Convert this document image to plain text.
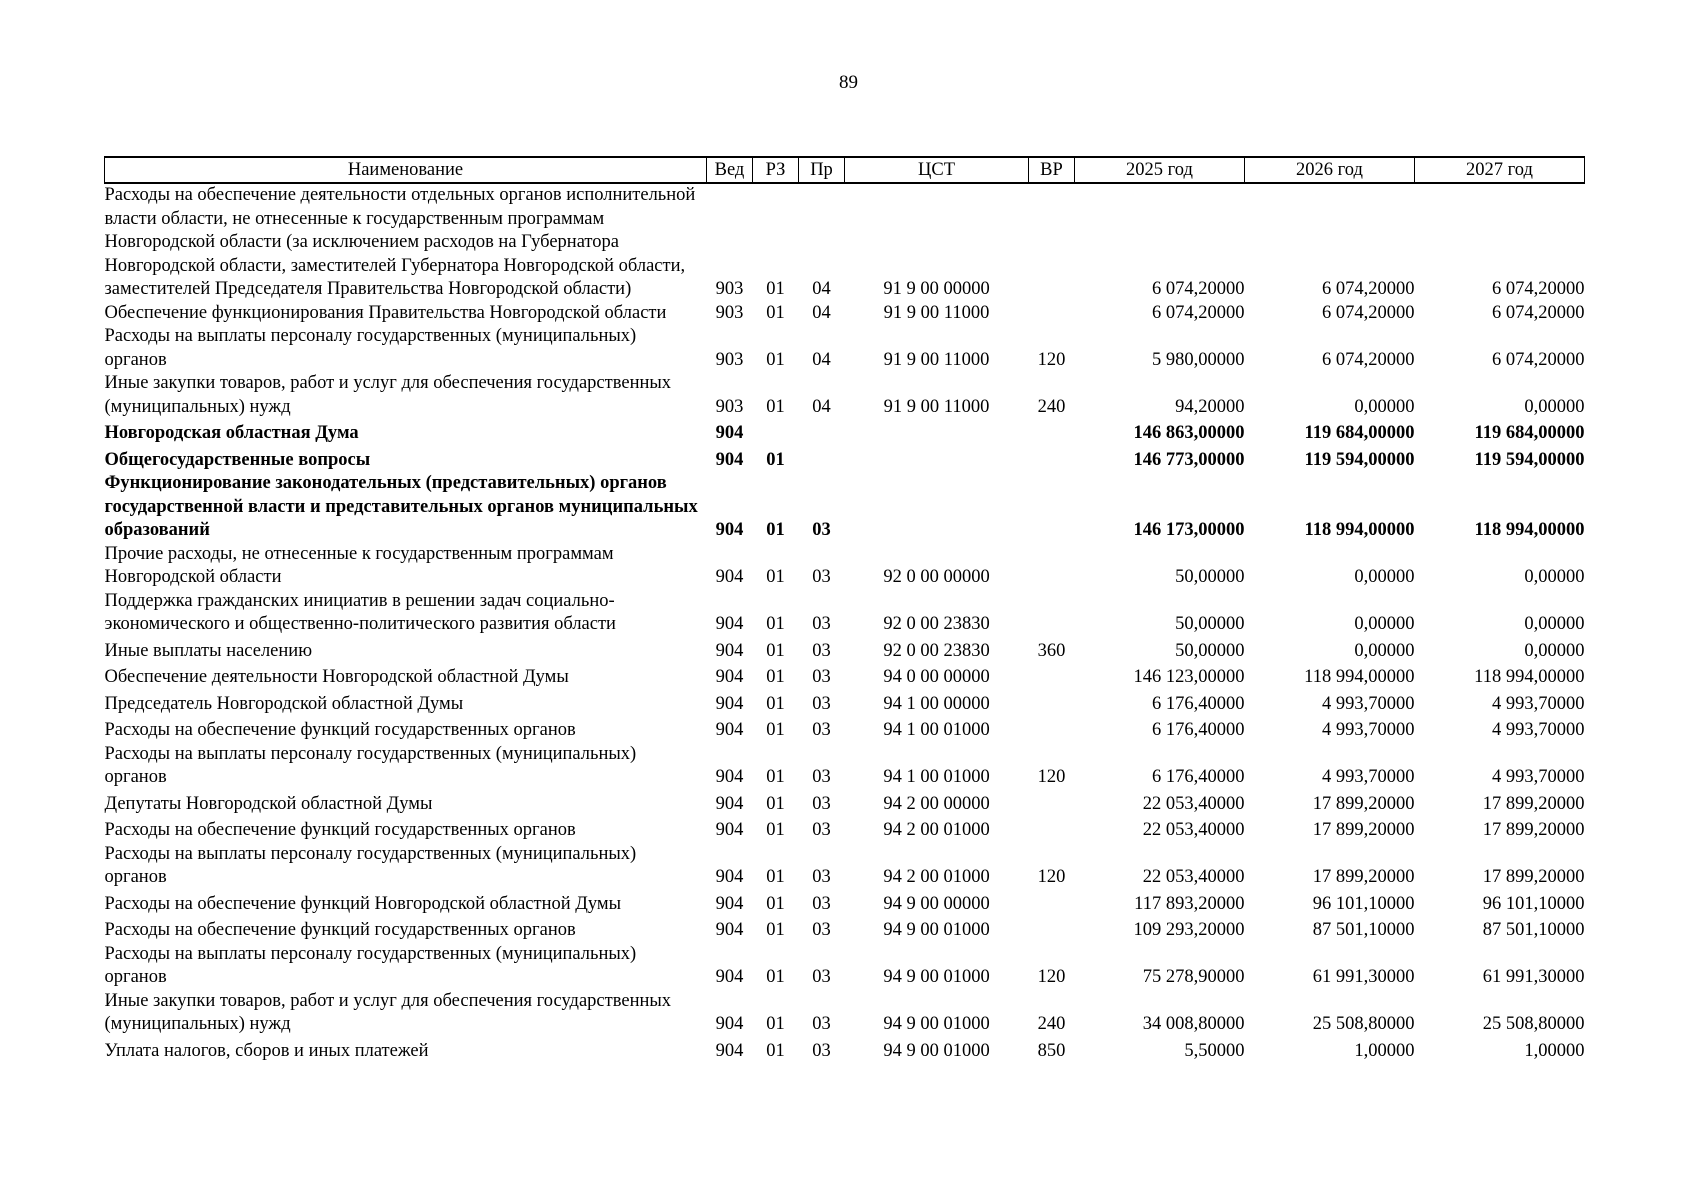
89
Наименование	Вед	РЗ	Пр	ЦСТ	ВР	2025 год	2026 год	2027 год
Расходы на обеспечение деятельности отдельных органов исполнительной власти области, не отнесенные к государственным программам Новгородской области (за исключением расходов на Губернатора Новгородской области, заместителей Губернатора Новгородской области, заместителей Председателя Правительства Новгородской области)	903	01	04	91 9 00 00000		6 074,20000	6 074,20000	6 074,20000
Обеспечение функционирования Правительства Новгородской области	903	01	04	91 9 00 11000		6 074,20000	6 074,20000	6 074,20000
Расходы на выплаты персоналу государственных (муниципальных) органов	903	01	04	91 9 00 11000	120	5 980,00000	6 074,20000	6 074,20000
Иные закупки товаров, работ и услуг для обеспечения государственных (муниципальных) нужд	903	01	04	91 9 00 11000	240	94,20000	0,00000	0,00000
Новгородская областная Дума	904					146 863,00000	119 684,00000	119 684,00000
Общегосударственные вопросы	904	01				146 773,00000	119 594,00000	119 594,00000
Функционирование законодательных (представительных) органов государственной власти и представительных органов муниципальных образований	904	01	03			146 173,00000	118 994,00000	118 994,00000
Прочие расходы, не отнесенные к государственным программам Новгородской области	904	01	03	92 0 00 00000		50,00000	0,00000	0,00000
Поддержка гражданских инициатив в решении задач социально-экономического и общественно-политического развития области	904	01	03	92 0 00 23830		50,00000	0,00000	0,00000
Иные выплаты населению	904	01	03	92 0 00 23830	360	50,00000	0,00000	0,00000
Обеспечение деятельности Новгородской областной Думы	904	01	03	94 0 00 00000		146 123,00000	118 994,00000	118 994,00000
Председатель Новгородской областной Думы	904	01	03	94 1 00 00000		6 176,40000	4 993,70000	4 993,70000
Расходы на обеспечение функций государственных органов	904	01	03	94 1 00 01000		6 176,40000	4 993,70000	4 993,70000
Расходы на выплаты персоналу государственных (муниципальных) органов	904	01	03	94 1 00 01000	120	6 176,40000	4 993,70000	4 993,70000
Депутаты Новгородской областной Думы	904	01	03	94 2 00 00000		22 053,40000	17 899,20000	17 899,20000
Расходы на обеспечение функций государственных органов	904	01	03	94 2 00 01000		22 053,40000	17 899,20000	17 899,20000
Расходы на выплаты персоналу государственных (муниципальных) органов	904	01	03	94 2 00 01000	120	22 053,40000	17 899,20000	17 899,20000
Расходы на обеспечение функций Новгородской областной Думы	904	01	03	94 9 00 00000		117 893,20000	96 101,10000	96 101,10000
Расходы на обеспечение функций государственных органов	904	01	03	94 9 00 01000		109 293,20000	87 501,10000	87 501,10000
Расходы на выплаты персоналу государственных (муниципальных) органов	904	01	03	94 9 00 01000	120	75 278,90000	61 991,30000	61 991,30000
Иные закупки товаров, работ и услуг для обеспечения государственных (муниципальных) нужд	904	01	03	94 9 00 01000	240	34 008,80000	25 508,80000	25 508,80000
Уплата налогов, сборов и иных платежей	904	01	03	94 9 00 01000	850	5,50000	1,00000	1,00000
